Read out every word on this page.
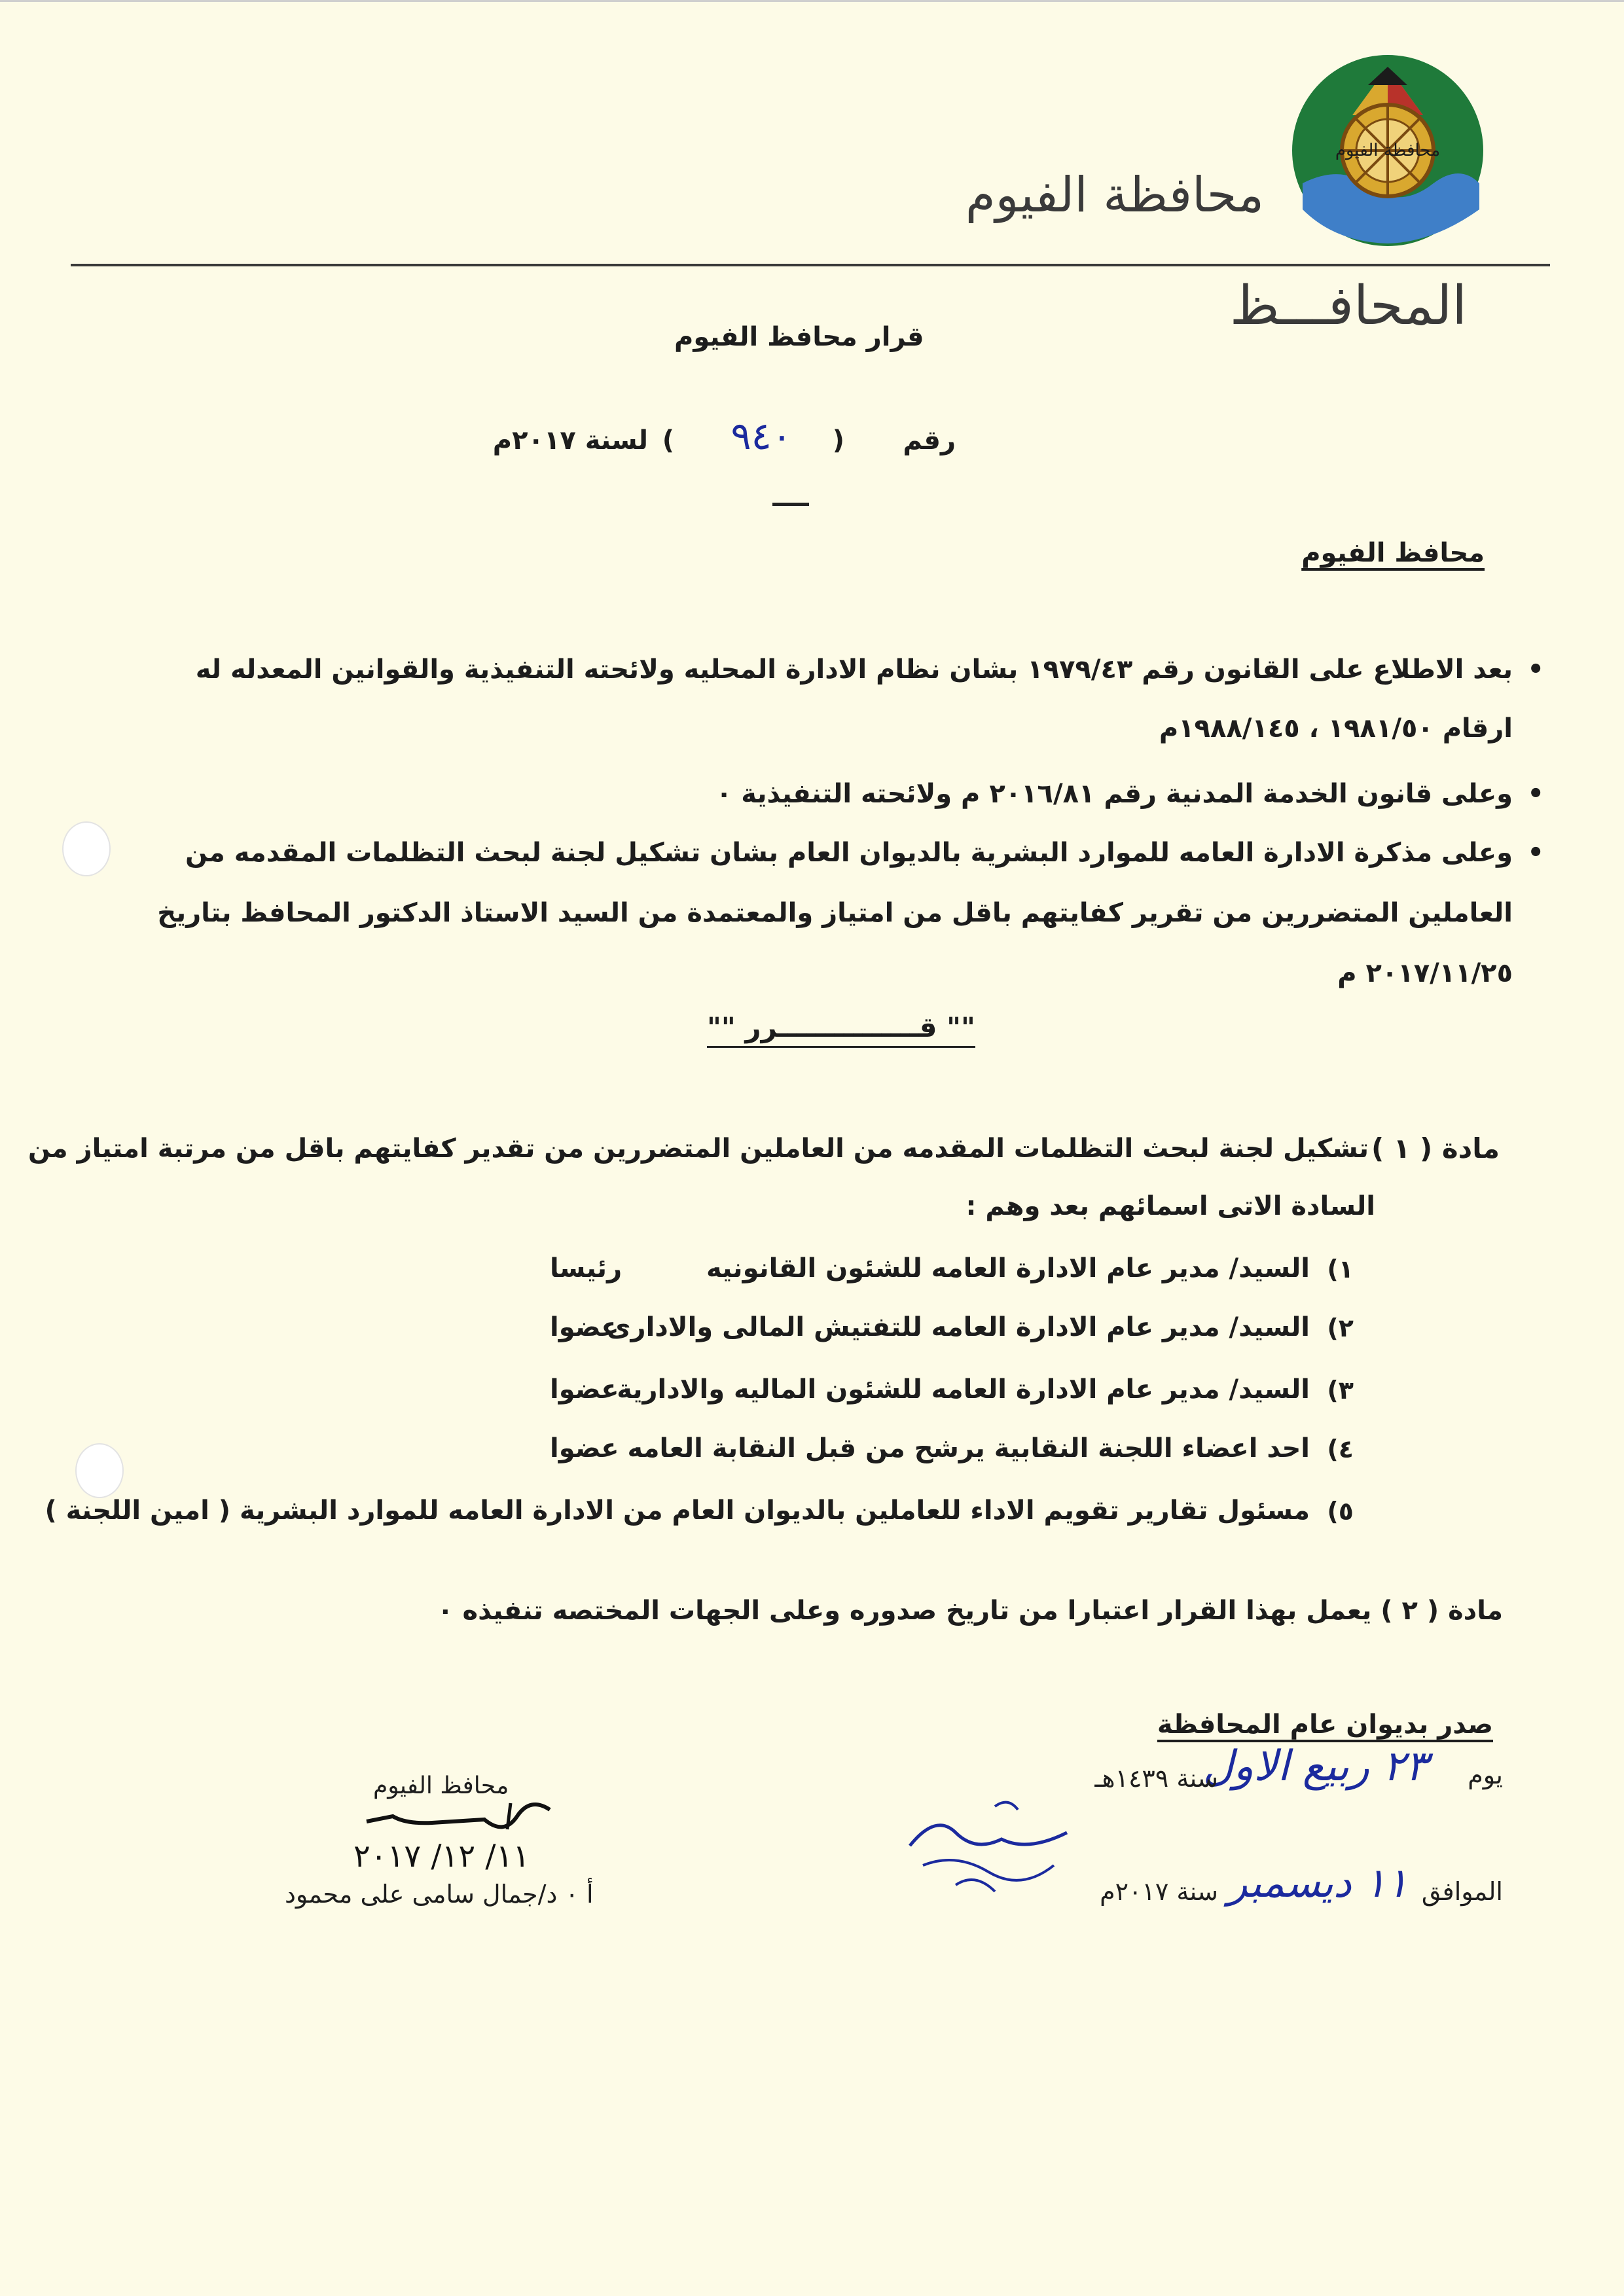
محافظة الفيوم
محافظة الفيوم
المحافـــظ
قرار محافظ الفيوم
رقم
(
٩٤٠
)
لسنة ٢٠١٧م
محافظ الفيوم
•
بعد الاطلاع على القانون رقم ١٩٧٩/٤٣ بشان نظام الادارة المحليه ولائحته التنفيذية والقوانين المعدله له
ارقام ١٩٨١/٥٠ ، ١٩٨٨/١٤٥م
•
وعلى قانون الخدمة المدنية رقم ٢٠١٦/٨١ م ولائحته التنفيذية ٠
•
وعلى مذكرة الادارة العامه للموارد البشرية بالديوان العام بشان تشكيل لجنة لبحث التظلمات المقدمه من
العاملين المتضررين من تقرير كفايتهم باقل من امتياز والمعتمدة من السيد الاستاذ الدكتور المحافظ بتاريخ
٢٠١٧/١١/٢٥ م
"" قـــــــــــــــرر ""
مادة ( ١ )
تشكيل لجنة لبحث التظلمات المقدمه من العاملين المتضررين من تقدير كفايتهم باقل من مرتبة امتياز من
السادة الاتى اسمائهم بعد وهم :
١)
السيد/ مدير عام الادارة العامه للشئون القانونيه
رئيسا
٢)
السيد/ مدير عام الادارة العامه للتفتيش المالى والادارى
عضوا
٣)
السيد/ مدير عام الادارة العامه للشئون الماليه والادارية
عضوا
٤)
احد اعضاء اللجنة النقابية يرشح من قبل النقابة العامه
عضوا
٥)
مسئول تقارير تقويم الاداء للعاملين بالديوان العام من الادارة العامه للموارد البشرية ( امين اللجنة )
مادة ( ٢ ) يعمل بهذا القرار اعتبارا من تاريخ صدوره وعلى الجهات المختصه تنفيذه ٠
صدر بديوان عام المحافظة
يوم
٢٣ ربيع الاول
سنة ١٤٣٩هـ
الموافق
١١ ديسمبر
سنة ٢٠١٧م
محافظ الفيوم
١١/ ١٢/ ٢٠١٧
أ ٠ د/جمال سامى على محمود
